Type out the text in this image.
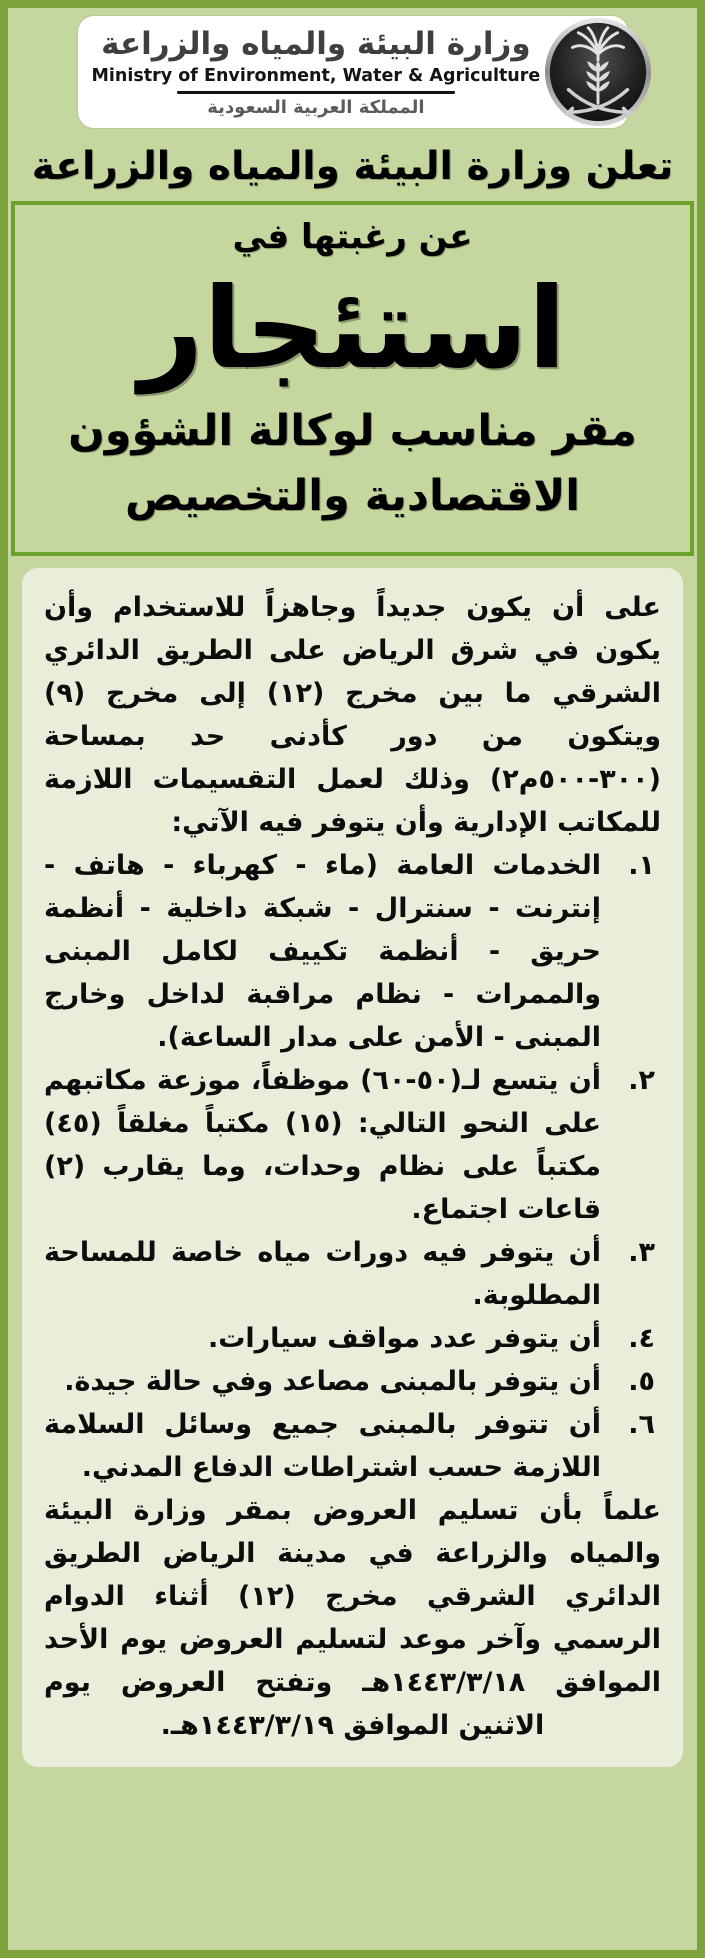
وزارة البيئة والمياه والزراعة
Ministry of Environment, Water & Agriculture
المملكة العربية السعودية
تعلن وزارة البيئة والمياه والزراعة
عن رغبتها في
استئجار
مقر مناسب لوكالة الشؤون
الاقتصادية والتخصيص

على أن يكون جديداً وجاهزاً للاستخدام وأن يكون في شرق الرياض على الطريق الدائري الشرقي ما بين مخرج (١٢) إلى مخرج (٩) ويتكون من دور كأدنى حد بمساحة (٣٠٠-٥٠٠م٢) وذلك لعمل التقسيمات اللازمة للمكاتب الإدارية وأن يتوفر فيه الآتي:

١.
الخدمات العامة (ماء - كهرباء - هاتف - إنترنت - سنترال - شبكة داخلية - أنظمة حريق - أنظمة تكييف لكامل المبنى والممرات - نظام مراقبة لداخل وخارج المبنى - الأمن على مدار الساعة).
٢.
أن يتسع لـ(٥٠-٦٠) موظفاً، موزعة مكاتبهم على النحو التالي: (١٥) مكتباً مغلقاً (٤٥) مكتباً على نظام وحدات، وما يقارب (٢) قاعات اجتماع.
٣.
أن يتوفر فيه دورات مياه خاصة للمساحة المطلوبة.
٤.
أن يتوفر عدد مواقف سيارات.
٥.
أن يتوفر بالمبنى مصاعد وفي حالة جيدة.
٦.
أن تتوفر بالمبنى جميع وسائل السلامة اللازمة حسب اشتراطات الدفاع المدني.

علماً بأن تسليم العروض بمقر وزارة البيئة والمياه والزراعة في مدينة الرياض الطريق الدائري الشرقي مخرج (١٢) أثناء الدوام الرسمي وآخر موعد لتسليم العروض يوم الأحد الموافق ١٤٤٣/٣/١٨هـ وتفتح العروض يوم الاثنين الموافق ١٤٤٣/٣/١٩هـ.
